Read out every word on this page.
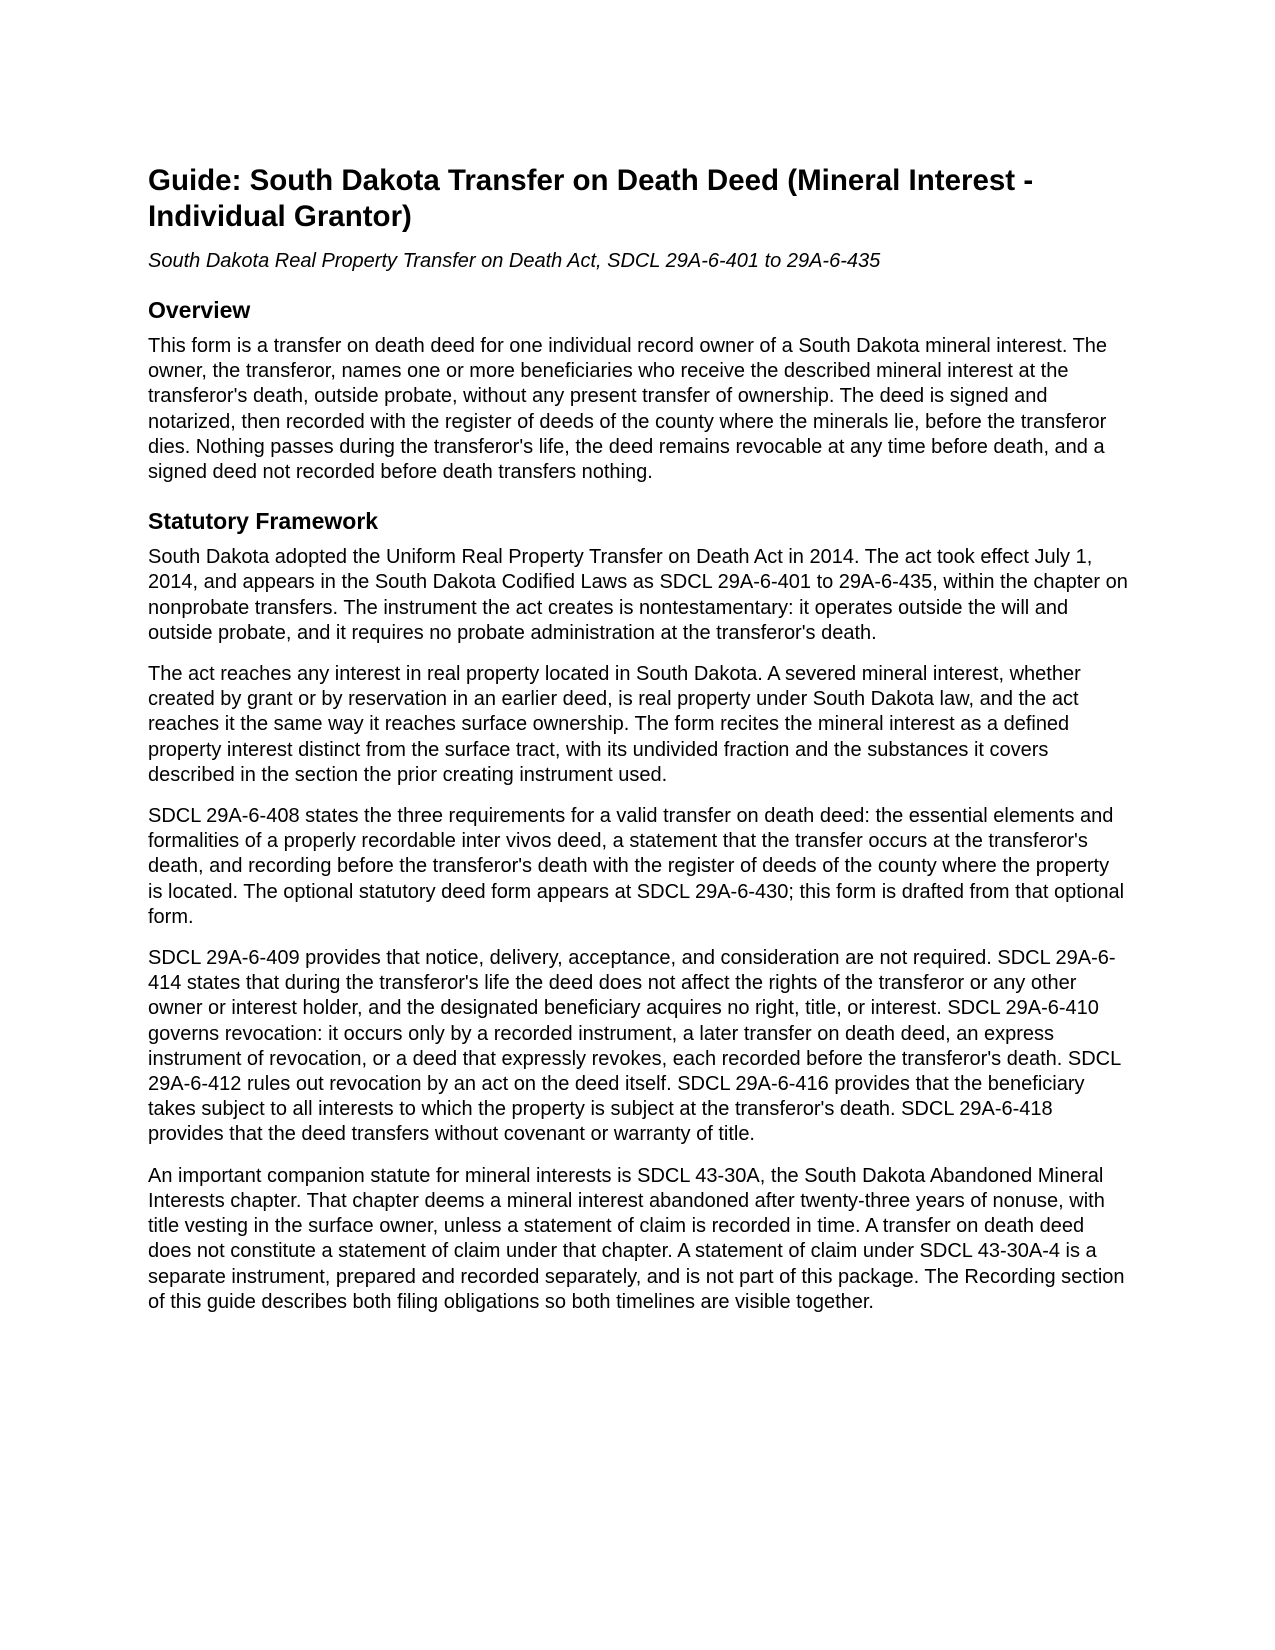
Guide: South Dakota Transfer on Death Deed (Mineral Interest - Individual Grantor)

South Dakota Real Property Transfer on Death Act, SDCL 29A-6-401 to 29A-6-435

Overview

This form is a transfer on death deed for one individual record owner of a South Dakota mineral interest. The owner, the transferor, names one or more beneficiaries who receive the described mineral interest at the transferor's death, outside probate, without any present transfer of ownership. The deed is signed and notarized, then recorded with the register of deeds of the county where the minerals lie, before the transferor dies. Nothing passes during the transferor's life, the deed remains revocable at any time before death, and a signed deed not recorded before death transfers nothing.

Statutory Framework

South Dakota adopted the Uniform Real Property Transfer on Death Act in 2014. The act took effect July 1, 2014, and appears in the South Dakota Codified Laws as SDCL 29A-6-401 to 29A-6-435, within the chapter on nonprobate transfers. The instrument the act creates is nontestamentary: it operates outside the will and outside probate, and it requires no probate administration at the transferor's death.

The act reaches any interest in real property located in South Dakota. A severed mineral interest, whether created by grant or by reservation in an earlier deed, is real property under South Dakota law, and the act reaches it the same way it reaches surface ownership. The form recites the mineral interest as a defined property interest distinct from the surface tract, with its undivided fraction and the substances it covers described in the section the prior creating instrument used.

SDCL 29A-6-408 states the three requirements for a valid transfer on death deed: the essential elements and formalities of a properly recordable inter vivos deed, a statement that the transfer occurs at the transferor's death, and recording before the transferor's death with the register of deeds of the county where the property is located. The optional statutory deed form appears at SDCL 29A-6-430; this form is drafted from that optional form.

SDCL 29A-6-409 provides that notice, delivery, acceptance, and consideration are not required. SDCL 29A-6-414 states that during the transferor's life the deed does not affect the rights of the transferor or any other owner or interest holder, and the designated beneficiary acquires no right, title, or interest. SDCL 29A-6-410 governs revocation: it occurs only by a recorded instrument, a later transfer on death deed, an express instrument of revocation, or a deed that expressly revokes, each recorded before the transferor's death. SDCL 29A-6-412 rules out revocation by an act on the deed itself. SDCL 29A-6-416 provides that the beneficiary takes subject to all interests to which the property is subject at the transferor's death. SDCL 29A-6-418 provides that the deed transfers without covenant or warranty of title.

An important companion statute for mineral interests is SDCL 43-30A, the South Dakota Abandoned Mineral Interests chapter. That chapter deems a mineral interest abandoned after twenty-three years of nonuse, with title vesting in the surface owner, unless a statement of claim is recorded in time. A transfer on death deed does not constitute a statement of claim under that chapter. A statement of claim under SDCL 43-30A-4 is a separate instrument, prepared and recorded separately, and is not part of this package. The Recording section of this guide describes both filing obligations so both timelines are visible together.
